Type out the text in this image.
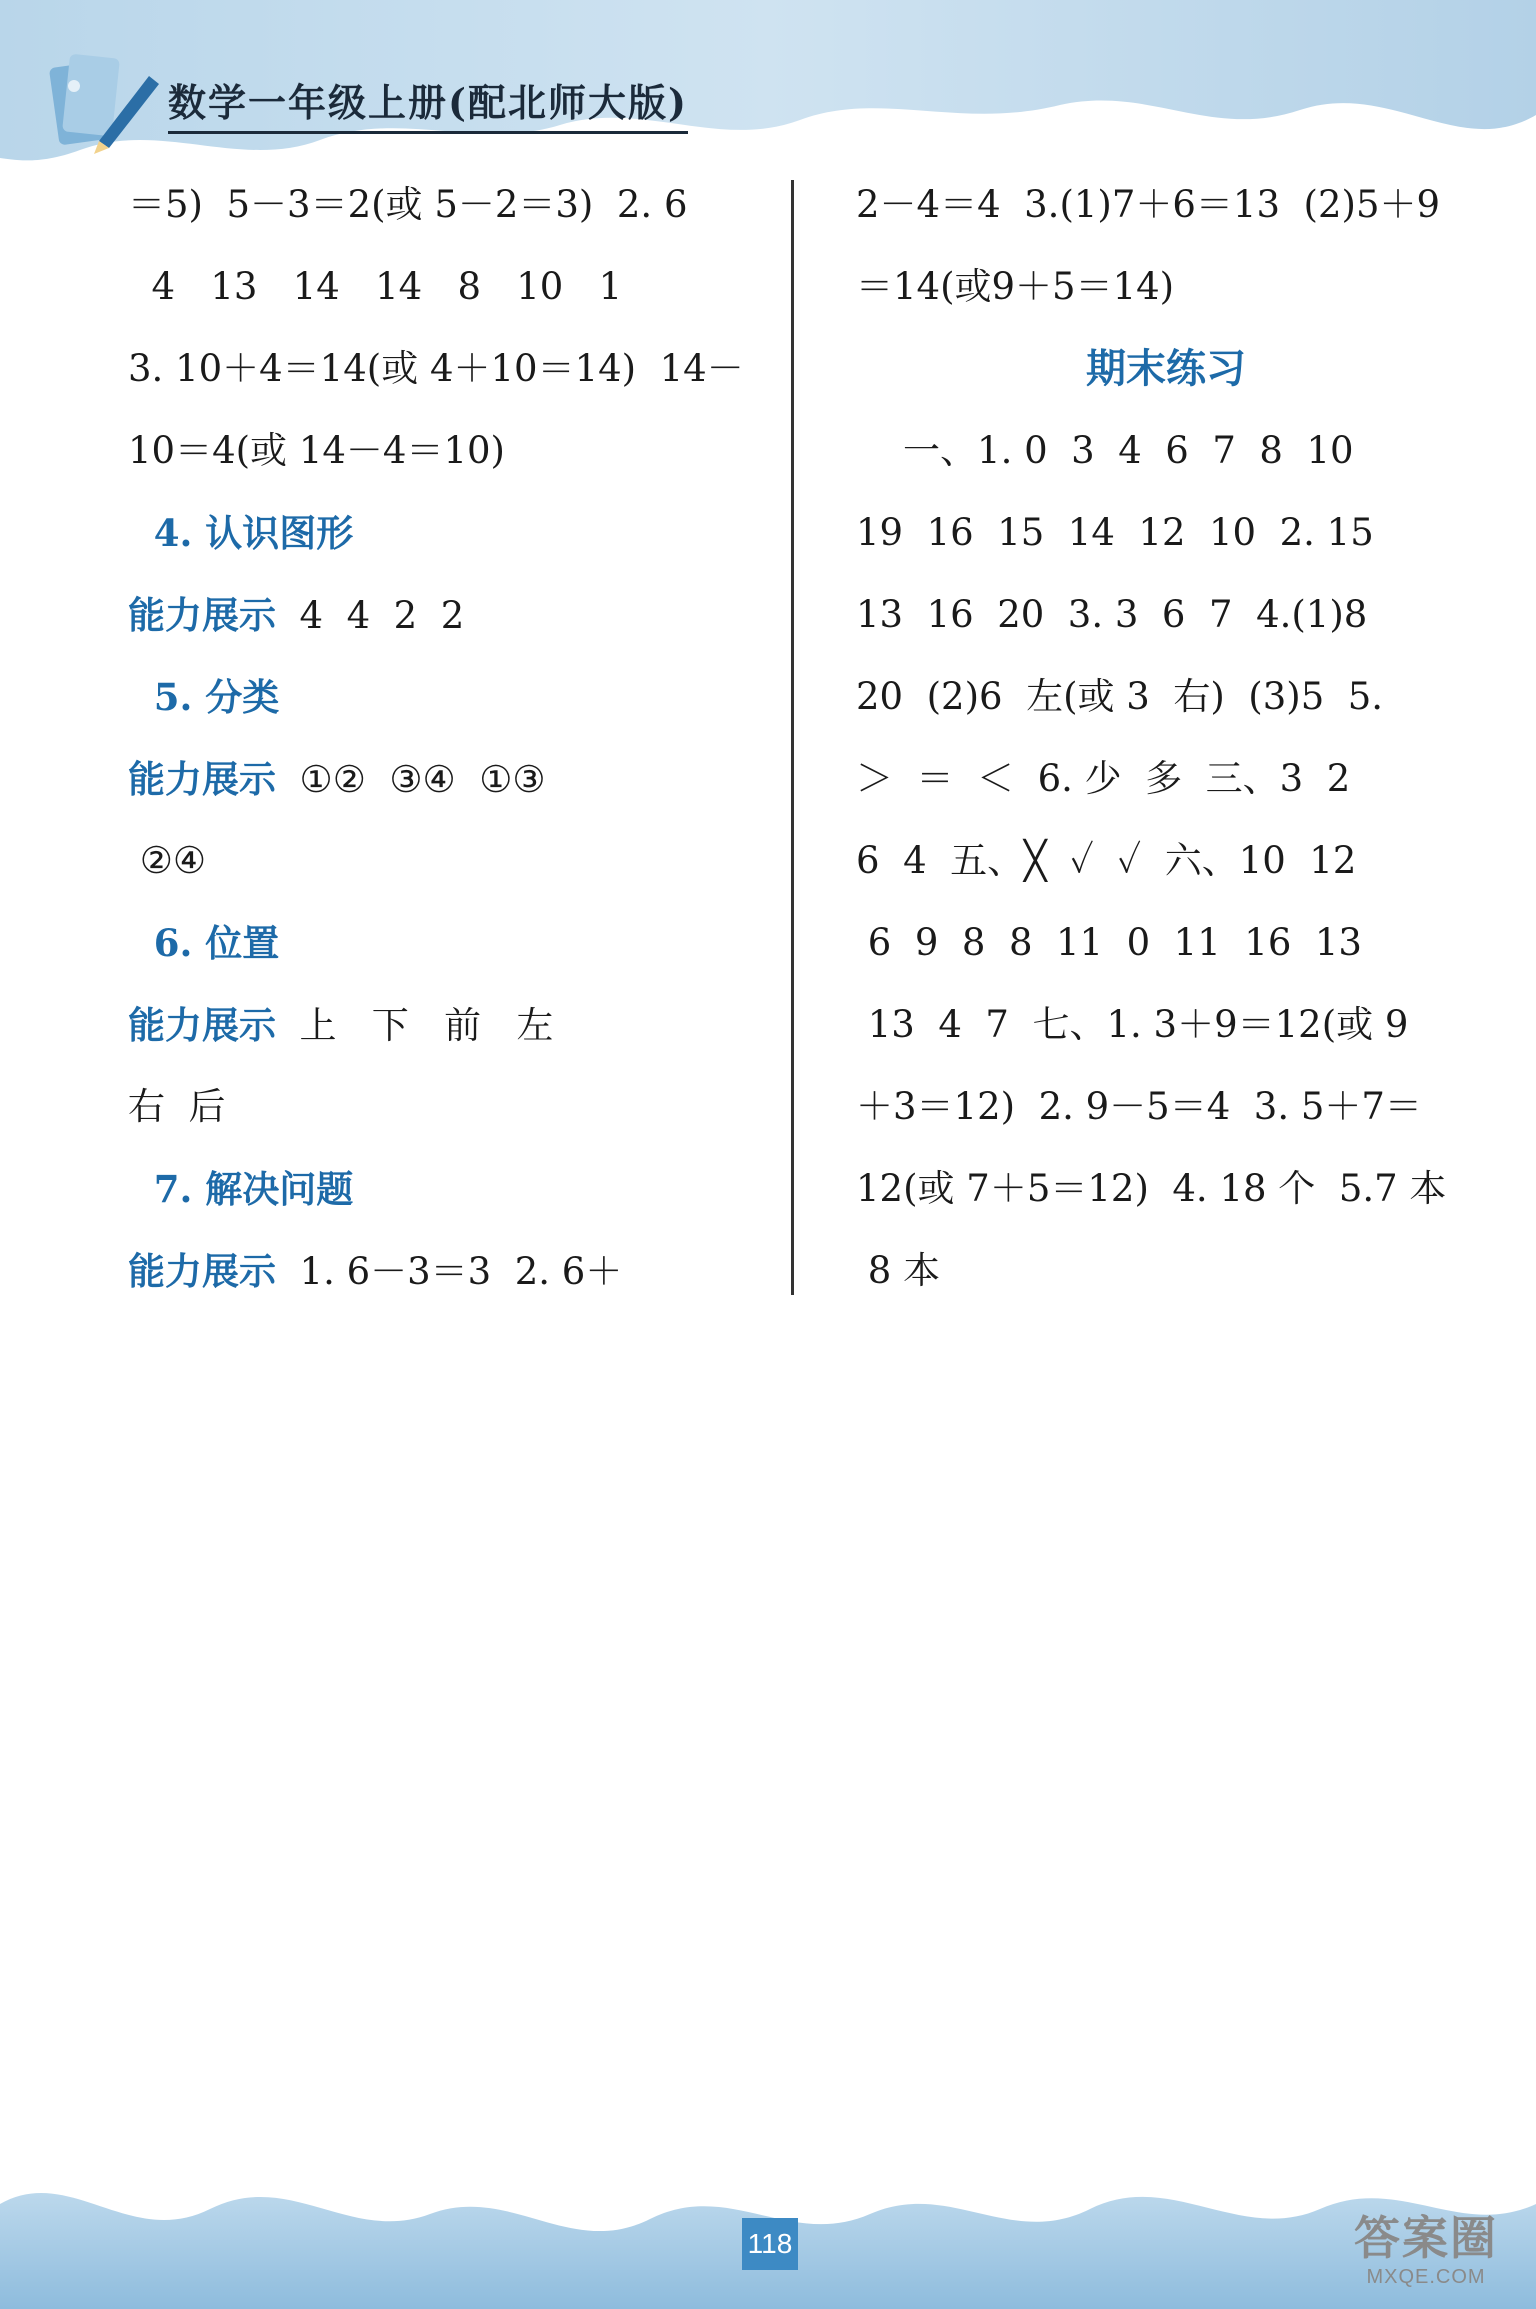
数学一年级上册(配北师大版)
＝5)  5－3＝2(或 5－2＝3)  2. 6
4   13   14   14   8   10   1
3. 10＋4＝14(或 4＋10＝14)  14－
10＝4(或 14－4＝10)
4. 认识图形
能力展示  4  4  2  2
5. 分类
能力展示  ①②  ③④  ①③
②④
6. 位置
能力展示  上   下   前   左
右  后
7. 解决问题
能力展示  1. 6－3＝3  2. 6＋
2－4＝4  3.(1)7＋6＝13  (2)5＋9
＝14(或9＋5＝14)
期末练习
一、1. 0  3  4  6  7  8  10
19  16  15  14  12  10  2. 15
13  16  20  3. 3  6  7  4.(1)8
20  (2)6  左(或 3  右)  (3)5  5.
＞  ＝  ＜  6. 少  多  三、3  2
6  4  五、╳  ✓  ✓  六、10  12
6  9  8  8  11  0  11  16  13
13  4  7  七、1. 3＋9＝12(或 9
＋3＝12)  2. 9－5＝4  3. 5＋7＝
12(或 7＋5＝12)  4. 18 个  5.7 本
8 本
118	答案圈
MXQE.COM
